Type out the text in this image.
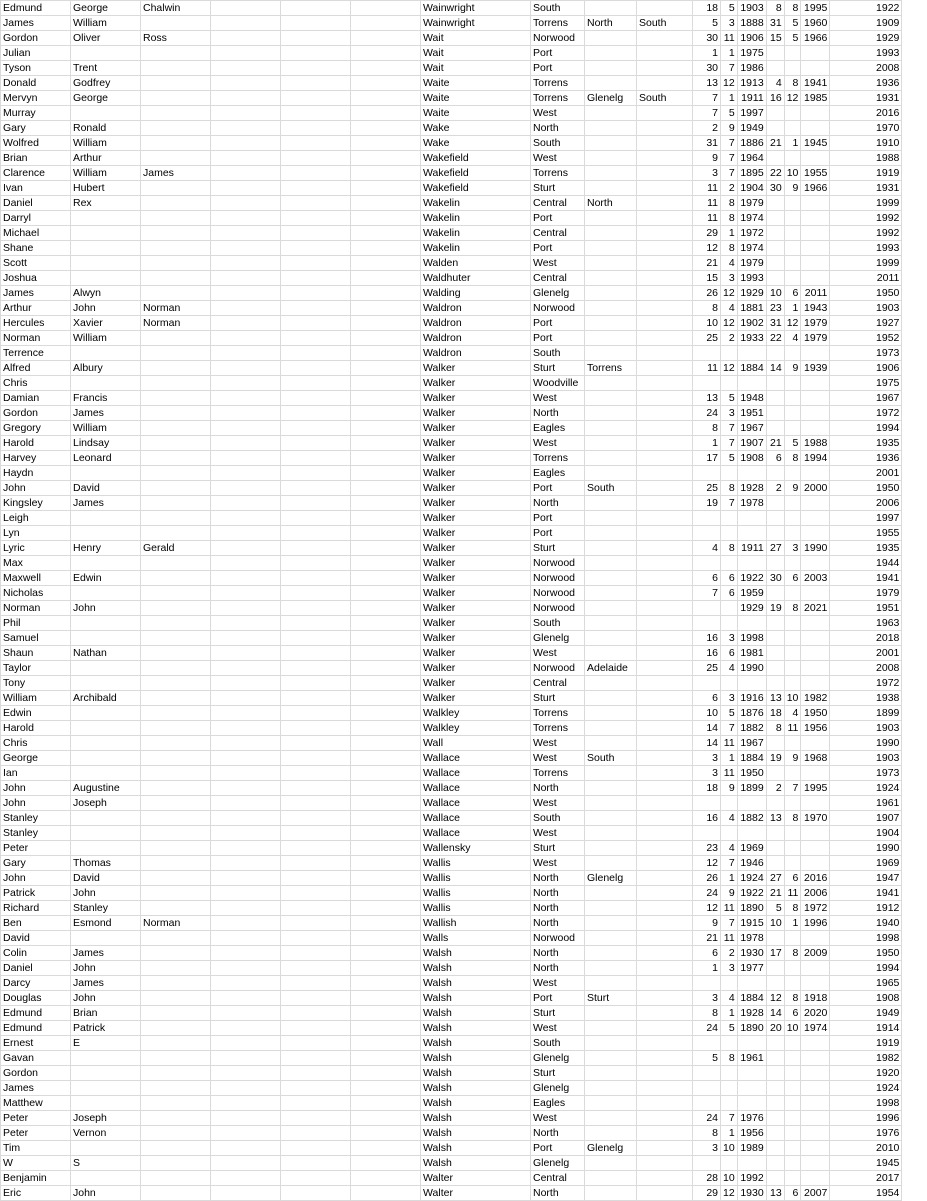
Edmund	George	Chalwin				Wainwright	South			18	5	1903	8	8	1995	1922
James	William					Wainwright	Torrens	North	South	5	3	1888	31	5	1960	1909
Gordon	Oliver	Ross				Wait	Norwood			30	11	1906	15	5	1966	1929
Julian						Wait	Port			1	1	1975				1993
Tyson	Trent					Wait	Port			30	7	1986				2008
Donald	Godfrey					Waite	Torrens			13	12	1913	4	8	1941	1936
Mervyn	George					Waite	Torrens	Glenelg	South	7	1	1911	16	12	1985	1931
Murray						Waite	West			7	5	1997				2016
Gary	Ronald					Wake	North			2	9	1949				1970
Wolfred	William					Wake	South			31	7	1886	21	1	1945	1910
Brian	Arthur					Wakefield	West			9	7	1964				1988
Clarence	William	James				Wakefield	Torrens			3	7	1895	22	10	1955	1919
Ivan	Hubert					Wakefield	Sturt			11	2	1904	30	9	1966	1931
Daniel	Rex					Wakelin	Central	North		11	8	1979				1999
Darryl						Wakelin	Port			11	8	1974				1992
Michael						Wakelin	Central			29	1	1972				1992
Shane						Wakelin	Port			12	8	1974				1993
Scott						Walden	West			21	4	1979				1999
Joshua						Waldhuter	Central			15	3	1993				2011
James	Alwyn					Walding	Glenelg			26	12	1929	10	6	2011	1950
Arthur	John	Norman				Waldron	Norwood			8	4	1881	23	1	1943	1903
Hercules	Xavier	Norman				Waldron	Port			10	12	1902	31	12	1979	1927
Norman	William					Waldron	Port			25	2	1933	22	4	1979	1952
Terrence						Waldron	South									1973
Alfred	Albury					Walker	Sturt	Torrens		11	12	1884	14	9	1939	1906
Chris						Walker	Woodville									1975
Damian	Francis					Walker	West			13	5	1948				1967
Gordon	James					Walker	North			24	3	1951				1972
Gregory	William					Walker	Eagles			8	7	1967				1994
Harold	Lindsay					Walker	West			1	7	1907	21	5	1988	1935
Harvey	Leonard					Walker	Torrens			17	5	1908	6	8	1994	1936
Haydn						Walker	Eagles									2001
John	David					Walker	Port	South		25	8	1928	2	9	2000	1950
Kingsley	James					Walker	North			19	7	1978				2006
Leigh						Walker	Port									1997
Lyn						Walker	Port									1955
Lyric	Henry	Gerald				Walker	Sturt			4	8	1911	27	3	1990	1935
Max						Walker	Norwood									1944
Maxwell	Edwin					Walker	Norwood			6	6	1922	30	6	2003	1941
Nicholas						Walker	Norwood			7	6	1959				1979
Norman	John					Walker	Norwood					1929	19	8	2021	1951
Phil						Walker	South									1963
Samuel						Walker	Glenelg			16	3	1998				2018
Shaun	Nathan					Walker	West			16	6	1981				2001
Taylor						Walker	Norwood	Adelaide		25	4	1990				2008
Tony						Walker	Central									1972
William	Archibald					Walker	Sturt			6	3	1916	13	10	1982	1938
Edwin						Walkley	Torrens			10	5	1876	18	4	1950	1899
Harold						Walkley	Torrens			14	7	1882	8	11	1956	1903
Chris						Wall	West			14	11	1967				1990
George						Wallace	West	South		3	1	1884	19	9	1968	1903
Ian						Wallace	Torrens			3	11	1950				1973
John	Augustine					Wallace	North			18	9	1899	2	7	1995	1924
John	Joseph					Wallace	West									1961
Stanley						Wallace	South			16	4	1882	13	8	1970	1907
Stanley						Wallace	West									1904
Peter						Wallensky	Sturt			23	4	1969				1990
Gary	Thomas					Wallis	West			12	7	1946				1969
John	David					Wallis	North	Glenelg		26	1	1924	27	6	2016	1947
Patrick	John					Wallis	North			24	9	1922	21	11	2006	1941
Richard	Stanley					Wallis	North			12	11	1890	5	8	1972	1912
Ben	Esmond	Norman				Wallish	North			9	7	1915	10	1	1996	1940
David						Walls	Norwood			21	11	1978				1998
Colin	James					Walsh	North			6	2	1930	17	8	2009	1950
Daniel	John					Walsh	North			1	3	1977				1994
Darcy	James					Walsh	West									1965
Douglas	John					Walsh	Port	Sturt		3	4	1884	12	8	1918	1908
Edmund	Brian					Walsh	Sturt			8	1	1928	14	6	2020	1949
Edmund	Patrick					Walsh	West			24	5	1890	20	10	1974	1914
Ernest	E					Walsh	South									1919
Gavan						Walsh	Glenelg			5	8	1961				1982
Gordon						Walsh	Sturt									1920
James						Walsh	Glenelg									1924
Matthew						Walsh	Eagles									1998
Peter	Joseph					Walsh	West			24	7	1976				1996
Peter	Vernon					Walsh	North			8	1	1956				1976
Tim						Walsh	Port	Glenelg		3	10	1989				2010
W	S					Walsh	Glenelg									1945
Benjamin						Walter	Central			28	10	1992				2017
Eric	John					Walter	North			29	12	1930	13	6	2007	1954
